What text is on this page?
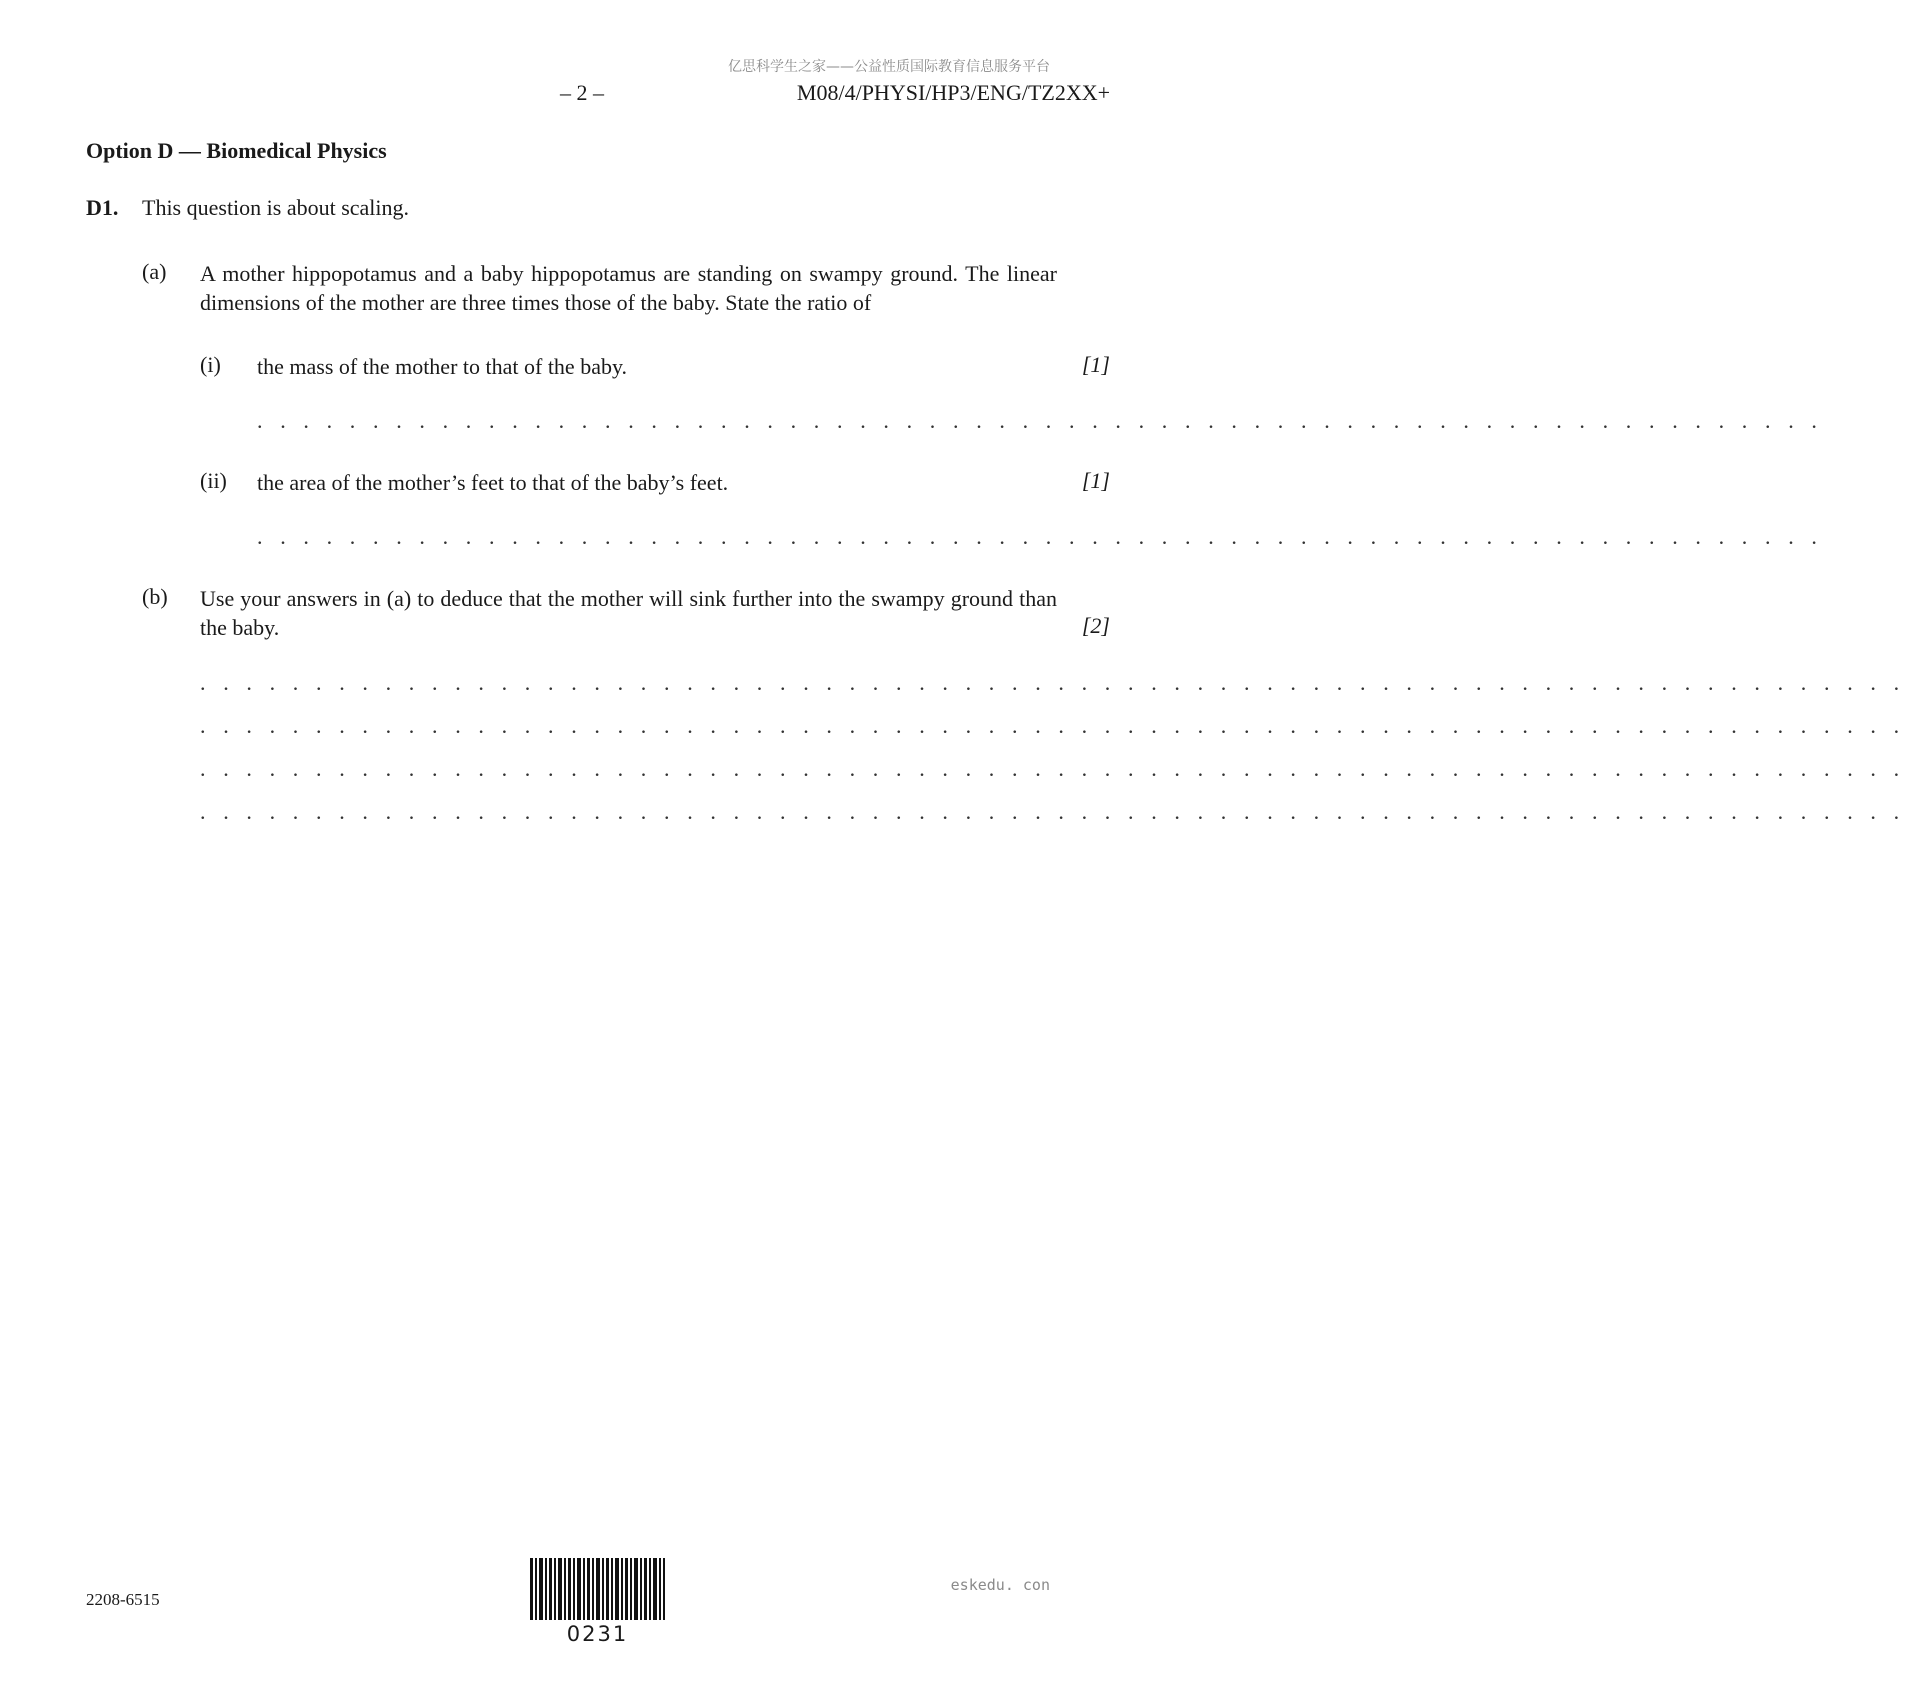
亿思科学生之家——公益性质国际教育信息服务平台
– 2 –	M08/4/PHYSI/HP3/ENG/TZ2XX+
Option D — Biomedical Physics
D1. This question is about scaling.
(a) A mother hippopotamus and a baby hippopotamus are standing on swampy ground. The linear dimensions of the mother are three times those of the baby. State the ratio of
(i) the mass of the mother to that of the baby.	[1]
. . . . . . . . . . . . . . . . . . . . . . . . . . . . . . . . . . . . . . . . . . . . . . . . . . . . . . . . . . . . . . . . . . . .
(ii) the area of the mother’s feet to that of the baby’s feet.	[1]
. . . . . . . . . . . . . . . . . . . . . . . . . . . . . . . . . . . . . . . . . . . . . . . . . . . . . . . . . . . . . . . . . . . .
(b) Use your answers in (a) to deduce that the mother will sink further into the swampy ground than the baby.	[2]
. . . . . . . . . . . . . . . . . . . . . . . . . . . . . . . . . . . . . . . . . . . . . . . . . . . . . . . . . . . . . . . . . . . . . . . . . .
. . . . . . . . . . . . . . . . . . . . . . . . . . . . . . . . . . . . . . . . . . . . . . . . . . . . . . . . . . . . . . . . . . . . . . . . . .
. . . . . . . . . . . . . . . . . . . . . . . . . . . . . . . . . . . . . . . . . . . . . . . . . . . . . . . . . . . . . . . . . . . . . . . . . .
. . . . . . . . . . . . . . . . . . . . . . . . . . . . . . . . . . . . . . . . . . . . . . . . . . . . . . . . . . . . . . . . . . . . . . . . . .
2208-6515
0231
eskedu. con
